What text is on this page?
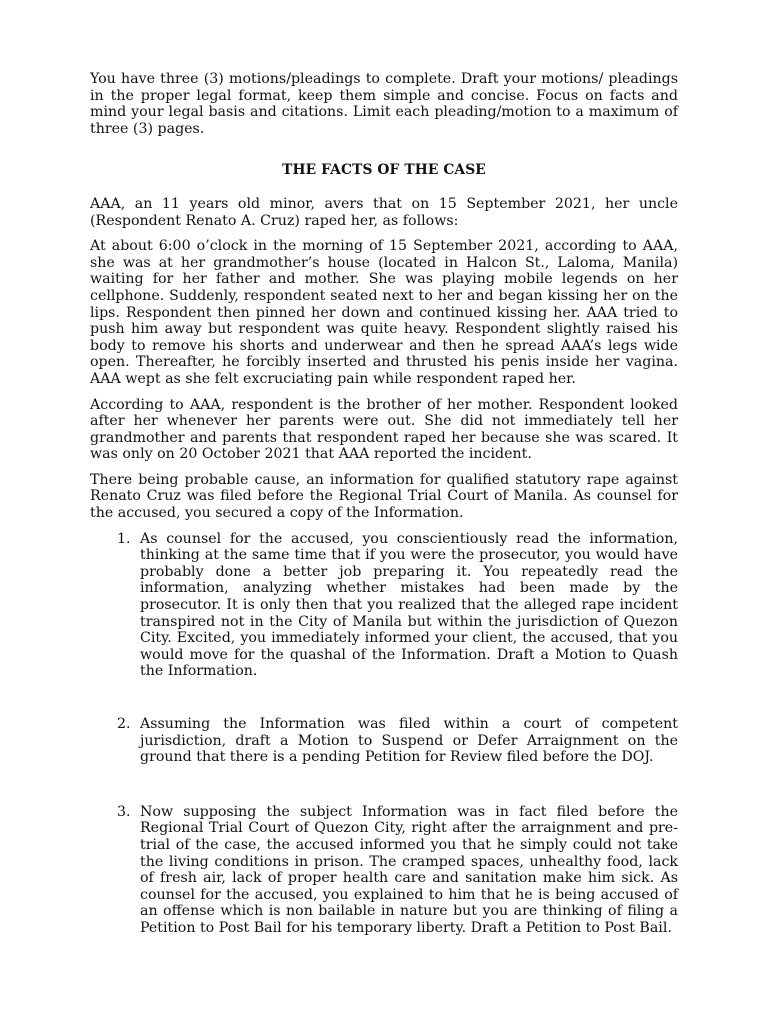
You have three (3) motions/pleadings to complete. Draft your motions/ pleadings in the proper legal format, keep them simple and concise. Focus on facts and mind your legal basis and citations. Limit each pleading/motion to a maximum of three (3) pages.

THE FACTS OF THE CASE

AAA, an 11 years old minor, avers that on 15 September 2021, her uncle (Respondent Renato A. Cruz) raped her, as follows:

At about 6:00 o’clock in the morning of 15 September 2021, according to AAA, she was at her grandmother’s house (located in Halcon St., Laloma, Manila) waiting for her father and mother. She was playing mobile legends on her cellphone. Suddenly, respondent seated next to her and began kissing her on the lips. Respondent then pinned her down and continued kissing her. AAA tried to push him away but respondent was quite heavy. Respondent slightly raised his body to remove his shorts and underwear and then he spread AAA’s legs wide open. Thereafter, he forcibly inserted and thrusted his penis inside her vagina. AAA wept as she felt excruciating pain while respondent raped her.

According to AAA, respondent is the brother of her mother. Respondent looked after her whenever her parents were out. She did not immediately tell her grandmother and parents that respondent raped her because she was scared. It was only on 20 October 2021 that AAA reported the incident.

There being probable cause, an information for qualified statutory rape against Renato Cruz was filed before the Regional Trial Court of Manila. As counsel for the accused, you secured a copy of the Information.

1. As counsel for the accused, you conscientiously read the information, thinking at the same time that if you were the prosecutor, you would have probably done a better job preparing it. You repeatedly read the information, analyzing whether mistakes had been made by the prosecutor. It is only then that you realized that the alleged rape incident transpired not in the City of Manila but within the jurisdiction of Quezon City. Excited, you immediately informed your client, the accused, that you would move for the quashal of the Information. Draft a Motion to Quash the Information.
2. Assuming the Information was filed within a court of competent jurisdiction, draft a Motion to Suspend or Defer Arraignment on the ground that there is a pending Petition for Review filed before the DOJ.
3. Now supposing the subject Information was in fact filed before the Regional Trial Court of Quezon City, right after the arraignment and pre-trial of the case, the accused informed you that he simply could not take the living conditions in prison. The cramped spaces, unhealthy food, lack of fresh air, lack of proper health care and sanitation make him sick. As counsel for the accused, you explained to him that he is being accused of an offense which is non bailable in nature but you are thinking of filing a Petition to Post Bail for his temporary liberty. Draft a Petition to Post Bail.
